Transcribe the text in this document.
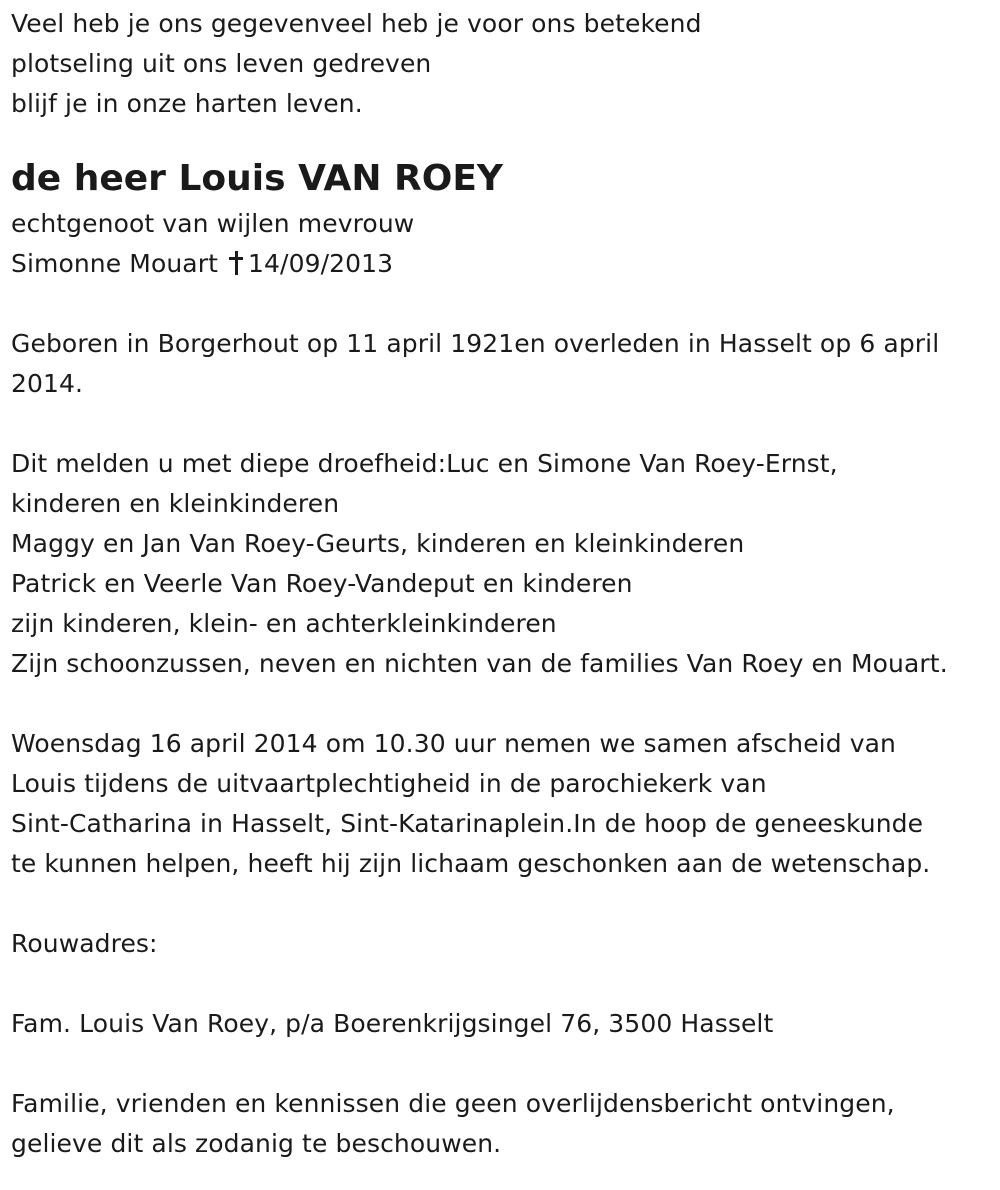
Veel heb je ons gegevenveel heb je voor ons betekend
plotseling uit ons leven gedreven
blijf je in onze harten leven.
de heer Louis VAN ROEY
echtgenoot van wijlen mevrouw
Simonne Mouart 14/09/2013
Geboren in Borgerhout op 11 april 1921en overleden in Hasselt op 6 april
2014.
Dit melden u met diepe droefheid:Luc en Simone Van Roey-Ernst,
kinderen en kleinkinderen
Maggy en Jan Van Roey-Geurts, kinderen en kleinkinderen
Patrick en Veerle Van Roey-Vandeput en kinderen
zijn kinderen, klein- en achterkleinkinderen
Zijn schoonzussen, neven en nichten van de families Van Roey en Mouart.
Woensdag 16 april 2014 om 10.30 uur nemen we samen afscheid van
Louis tijdens de uitvaartplechtigheid in de parochiekerk van
Sint-Catharina in Hasselt, Sint-Katarinaplein.In de hoop de geneeskunde
te kunnen helpen, heeft hij zijn lichaam geschonken aan de wetenschap.
Rouwadres:
Fam. Louis Van Roey, p/a Boerenkrijgsingel 76, 3500 Hasselt
Familie, vrienden en kennissen die geen overlijdensbericht ontvingen,
gelieve dit als zodanig te beschouwen.
